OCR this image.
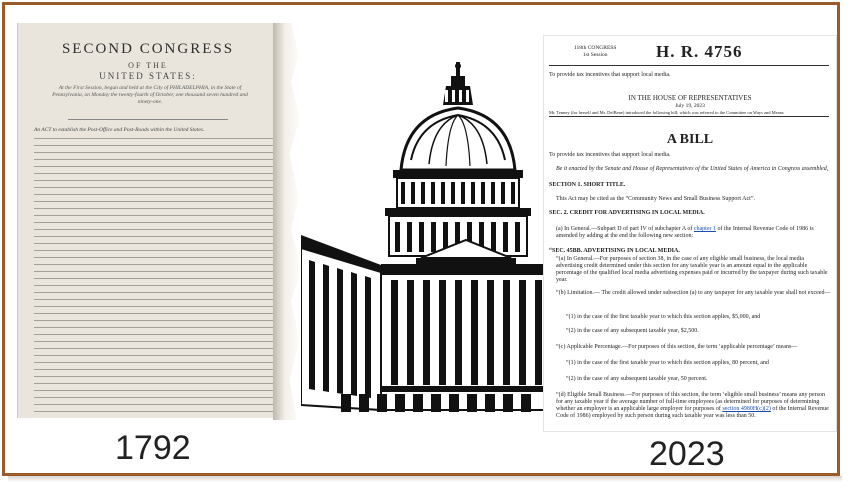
SECOND CONGRESS
OF THE
UNITED STATES:
At the First Session, begun and held at the City of PHILADELPHIA, in the State of Pennsylvania, on Monday the twenty-fourth of October, one thousand seven hundred and ninety-one.
An ACT to establish the Post-Office and Post-Roads within the United States.
118th CONGRESS
1st Session	H. R. 4756
To provide tax incentives that support local media.
IN THE HOUSE OF REPRESENTATIVES
July 19, 2023
Mr. Tenney (for herself and Mr. DelBene) introduced the following bill; which was referred to the Committee on Ways and Means
A BILL
To provide tax incentives that support local media.
Be it enacted by the Senate and House of Representatives of the United States of America in Congress assembled,
SECTION 1. SHORT TITLE.
This Act may be cited as the “Community News and Small Business Support Act”.
SEC. 2. CREDIT FOR ADVERTISING IN LOCAL MEDIA.
(a) In General.—Subpart D of part IV of subchapter A of chapter 1 of the Internal Revenue Code of 1986 is amended by adding at the end the following new section:
“SEC. 45BB. ADVERTISING IN LOCAL MEDIA.
“(a) In General.—For purposes of section 38, in the case of any eligible small business, the local media advertising credit determined under this section for any taxable year is an amount equal to the applicable percentage of the qualified local media advertising expenses paid or incurred by the taxpayer during such taxable year.
“(b) Limitation.— The credit allowed under subsection (a) to any taxpayer for any taxable year shall not exceed—
“(1) in the case of the first taxable year to which this section applies, $5,000, and
“(2) in the case of any subsequent taxable year, $2,500.
“(c) Applicable Percentage.—For purposes of this section, the term ‘applicable percentage’ means—
“(1) in the case of the first taxable year to which this section applies, 80 percent, and
“(2) in the case of any subsequent taxable year, 50 percent.
“(d) Eligible Small Business.—For purposes of this section, the term ‘eligible small business’ means any person for any taxable year if the average number of full-time employees (as determined for purposes of determining whether an employer is an applicable large employer for purposes of section 4980H(c)(2) of the Internal Revenue Code of 1986) employed by such person during such taxable year was less than 50.
1792	2023
